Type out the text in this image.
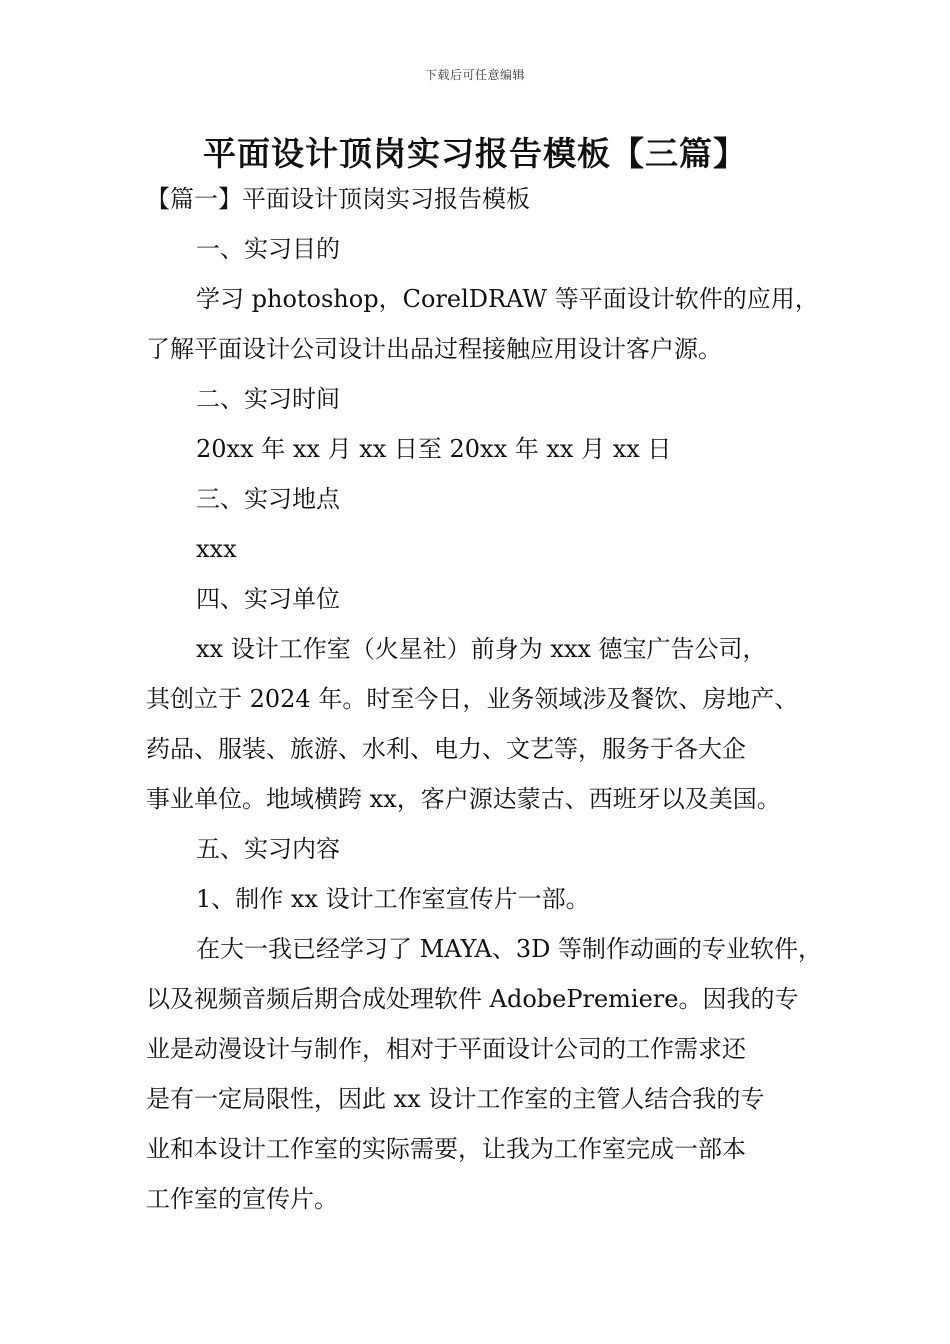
下载后可任意编辑
平面设计顶岗实习报告模板【三篇】
【篇一】平面设计顶岗实习报告模板
一、实习目的
学习 photoshop，CorelDRAW 等平面设计软件的应用，
了解平面设计公司设计出品过程接触应用设计客户源。
二、实习时间
20xx 年 xx 月 xx 日至 20xx 年 xx 月 xx 日
三、实习地点
xxx
四、实习单位
xx 设计工作室（火星社）前身为 xxx 德宝广告公司，
其创立于 2024 年。时至今日，业务领域涉及餐饮、房地产、
药品、服装、旅游、水利、电力、文艺等，服务于各大企
事业单位。地域横跨 xx，客户源达蒙古、西班牙以及美国。
五、实习内容
1、制作 xx 设计工作室宣传片一部。
在大一我已经学习了 MAYA、3D 等制作动画的专业软件，
以及视频音频后期合成处理软件 AdobePremiere。因我的专
业是动漫设计与制作，相对于平面设计公司的工作需求还
是有一定局限性，因此 xx 设计工作室的主管人结合我的专
业和本设计工作室的实际需要，让我为工作室完成一部本
工作室的宣传片。
